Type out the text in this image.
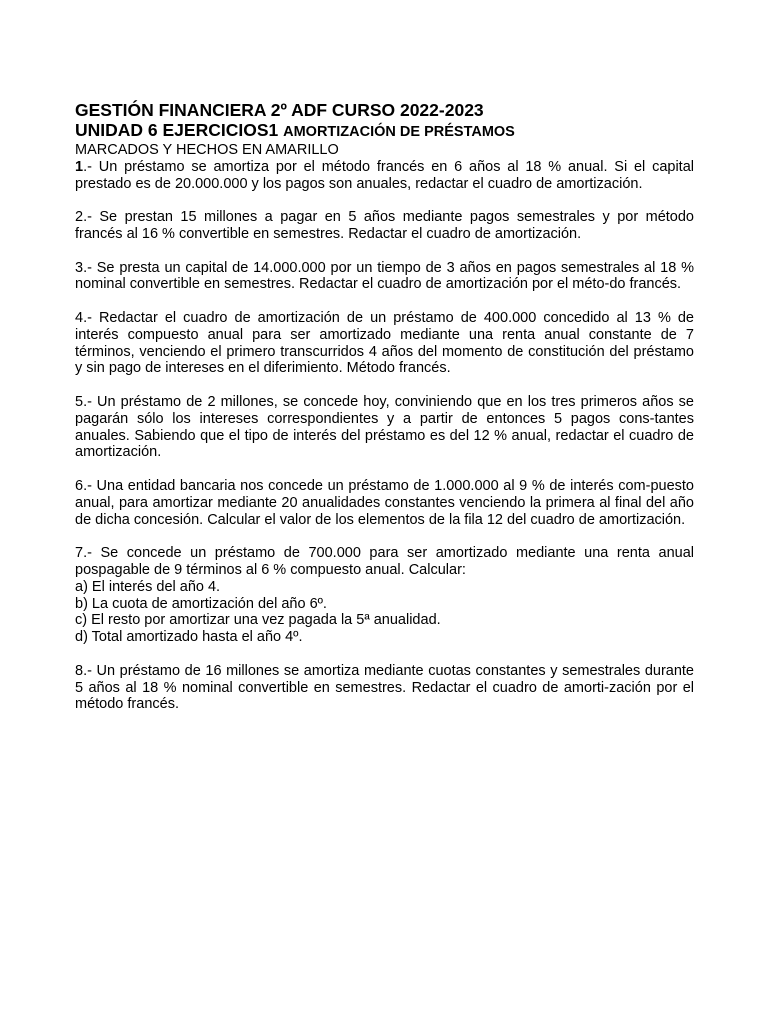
GESTIÓN FINANCIERA 2º ADF CURSO 2022-2023
UNIDAD 6 EJERCICIOS1 AMORTIZACIÓN DE PRÉSTAMOS
MARCADOS Y HECHOS EN AMARILLO
1.- Un préstamo se amortiza por el método francés en 6 años al 18 % anual. Si el capital prestado es de 20.000.000 y los pagos son anuales, redactar el cuadro de amortización.
2.- Se prestan 15 millones a pagar en 5 años mediante pagos semestrales y por método francés al 16 % convertible en semestres. Redactar el cuadro de amortización.
3.- Se presta un capital de 14.000.000 por un tiempo de 3 años en pagos semestrales al 18 % nominal convertible en semestres. Redactar el cuadro de amortización por el méto-do francés.
4.- Redactar el cuadro de amortización de un préstamo de 400.000 concedido al 13 % de interés compuesto anual para ser amortizado mediante una renta anual constante de 7 términos, venciendo el primero transcurridos 4 años del momento de constitución del préstamo y sin pago de intereses en el diferimiento. Método francés.
5.- Un préstamo de 2 millones, se concede hoy, conviniendo que en los tres primeros años se pagarán sólo los intereses correspondientes y a partir de entonces 5 pagos cons-tantes anuales. Sabiendo que el tipo de interés del préstamo es del 12 % anual, redactar el cuadro de amortización.
6.- Una entidad bancaria nos concede un préstamo de 1.000.000 al 9 % de interés com-puesto anual, para amortizar mediante 20 anualidades constantes venciendo la primera al final del año de dicha concesión. Calcular el valor de los elementos de la fila 12 del cuadro de amortización.
7.- Se concede un préstamo de 700.000 para ser amortizado mediante una renta anual pospagable de 9 términos al 6 % compuesto anual. Calcular:
a) El interés del año 4.
b) La cuota de amortización del año 6º.
c) El resto por amortizar una vez pagada la 5ª anualidad.
d) Total amortizado hasta el año 4º.
8.- Un préstamo de 16 millones se amortiza mediante cuotas constantes y semestrales durante 5 años al 18 % nominal convertible en semestres. Redactar el cuadro de amorti-zación por el método francés.
